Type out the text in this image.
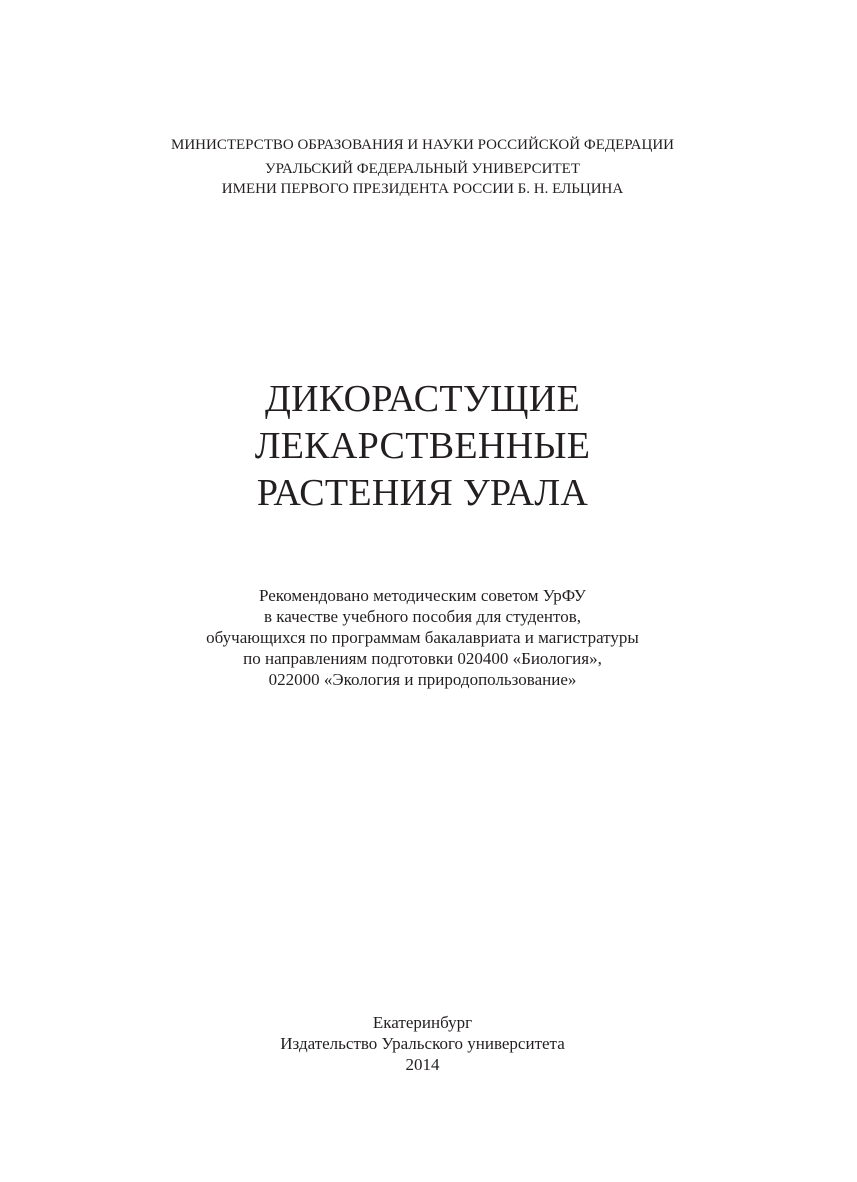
МИНИСТЕРСТВО ОБРАЗОВАНИЯ И НАУКИ РОССИЙСКОЙ ФЕДЕРАЦИИ
УРАЛЬСКИЙ ФЕДЕРАЛЬНЫЙ УНИВЕРСИТЕТ
ИМЕНИ ПЕРВОГО ПРЕЗИДЕНТА РОССИИ Б. Н. ЕЛЬЦИНА
ДИКОРАСТУЩИЕ
ЛЕКАРСТВЕННЫЕ
РАСТЕНИЯ УРАЛА
Рекомендовано методическим советом УрФУ
в качестве учебного пособия для студентов,
обучающихся по программам бакалавриата и магистратуры
по направлениям подготовки 020400 «Биология»,
022000 «Экология и природопользование»
Екатеринбург
Издательство Уральского университета
2014
